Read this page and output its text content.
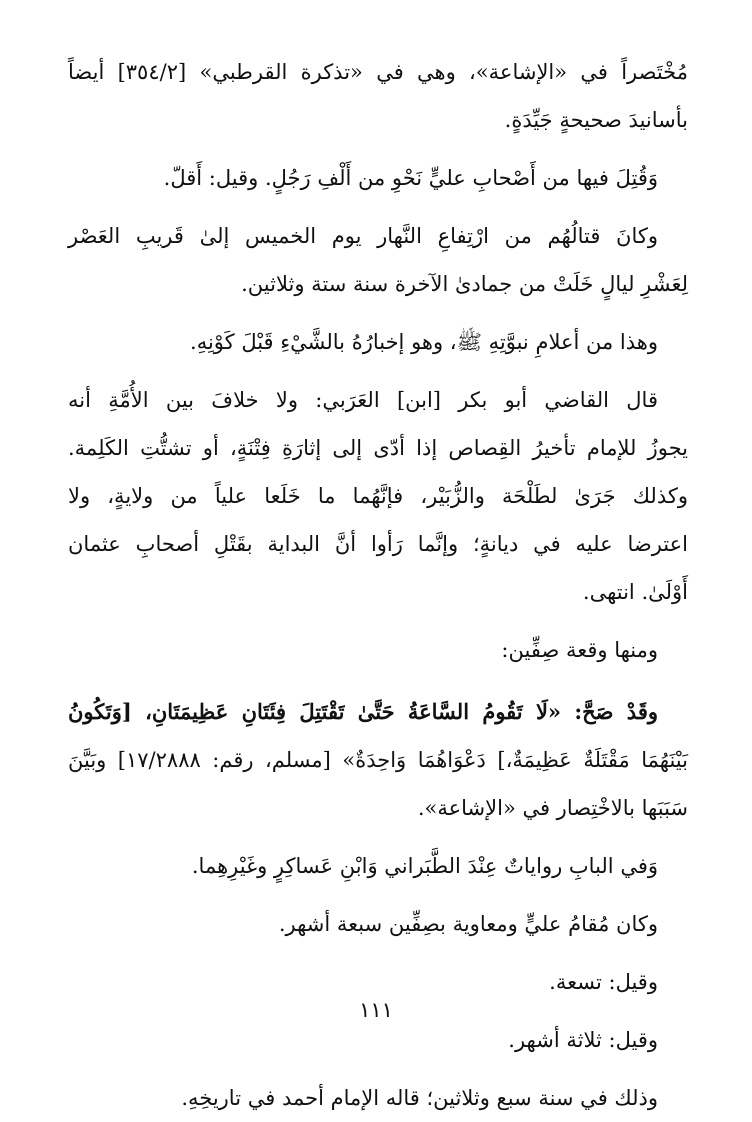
مُخْتَصراً في «الإشاعة»، وهي في «تذكرة القرطبي» [٣٥٤/٢] أيضاً
بأسانيدَ صحيحةٍ جَيِّدَةٍ.
وَقُتِلَ فيها من أَصْحابِ عليٍّ نَحْوِ من أَلْفِ رَجُلٍ. وقيل: أَقلّ.
وكانَ قتالُهُم من ارْتِفاعِ النَّهار يوم الخميس إلىٰ قَريبِ العَصْر
لِعَشْرِ ليالٍ خَلَتْ من جمادىٰ الآخرة سنة ستة وثلاثين.
وهذا من أعلامِ نبوَّتِهِ ﷺ، وهو إخبارُهُ بالشَّيْءِ قَبْلَ كَوْنِهِ.
قال القاضي أبو بكر [ابن] العَرَبي: ولا خلافَ بين الأُمَّةِ أنه
يجوزُ للإمام تأخيرُ القِصاص إذا أدّى إلى إثارَةِ فِتْنَةٍ، أو تشتُّتِ الكَلِمة.
وكذلك جَرَىٰ لطَلْحَة والزُّبَيْر، فإنَّهُما ما خَلَعا علياً من ولايةٍ، ولا
اعترضا عليه في ديانةٍ؛ وإنَّما رَأوا أنَّ البداية بقَتْلِ أصحابِ عثمان
أَوْلَىٰ. انتهى.
ومنها وقعة صِفِّين:
وقَدْ صَحَّ: «لَا تَقُومُ السَّاعَةُ حَتَّىٰ تَقْتَتِلَ فِئَتَانِ عَظِيمَتَانِ، [وَتَكُونُ
بَيْنَهُمَا مَقْتَلَةٌ عَظِيمَةٌ،] دَعْوَاهُمَا وَاحِدَةٌ» [مسلم، رقم: ١٧/٢٨٨٨] وبَيَّنَ
سَبَبَها بالاخْتِصار في «الإشاعة».
وَفي البابِ رواياتٌ عِنْدَ الطَّبَراني وَابْنِ عَساكِرٍ وغَيْرِهِما.
وكان مُقامُ عليٍّ ومعاوية بصِفِّين سبعة أشهر.
وقيل: تسعة.
وقيل: ثلاثة أشهر.
وذلك في سنة سبع وثلاثين؛ قاله الإمام أحمد في تاريخِهِ.
١١١
